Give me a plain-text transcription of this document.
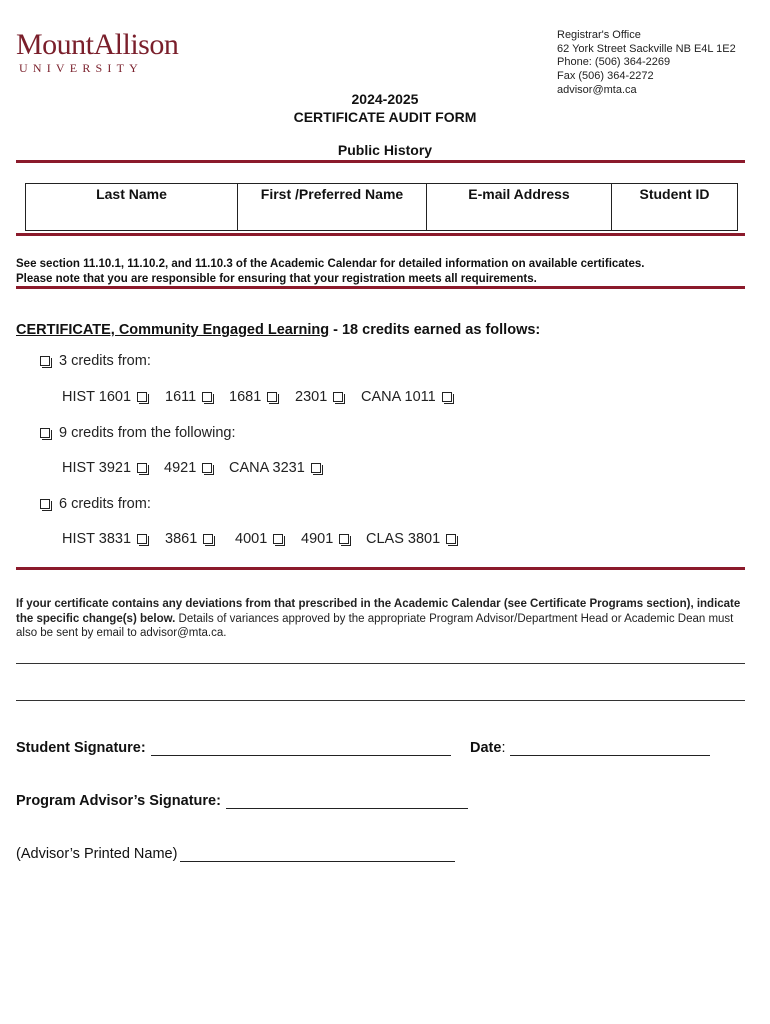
MountAllison
UNIVERSITY
Registrar's Office
62 York Street Sackville NB E4L 1E2
Phone: (506) 364-2269
Fax (506) 364-2272
advisor@mta.ca
2024-2025
CERTIFICATE AUDIT FORM
Public History
Last Name	First /Preferred Name	E-mail Address	Student ID
See section 11.10.1, 11.10.2, and 11.10.3 of the Academic Calendar for detailed information on available certificates.
Please note that you are responsible for ensuring that your registration meets all requirements.
CERTIFICATE, Community Engaged Learning - 18 credits earned as follows:
3 credits from:
HIST 1601 1611 1681 2301 CANA 1011
9 credits from the following:
HIST 3921 4921 CANA 3231
6 credits from:
HIST 3831 3861	4001 4901 CLAS 3801
If your certificate contains any deviations from that prescribed in the Academic Calendar (see Certificate Programs section), indicate the specific change(s) below. Details of variances approved by the appropriate Program Advisor/Department Head or Academic Dean must also be sent by email to advisor@mta.ca.
Student Signature:	Date :
Program Advisor’s Signature:
(Advisor’s Printed Name)
